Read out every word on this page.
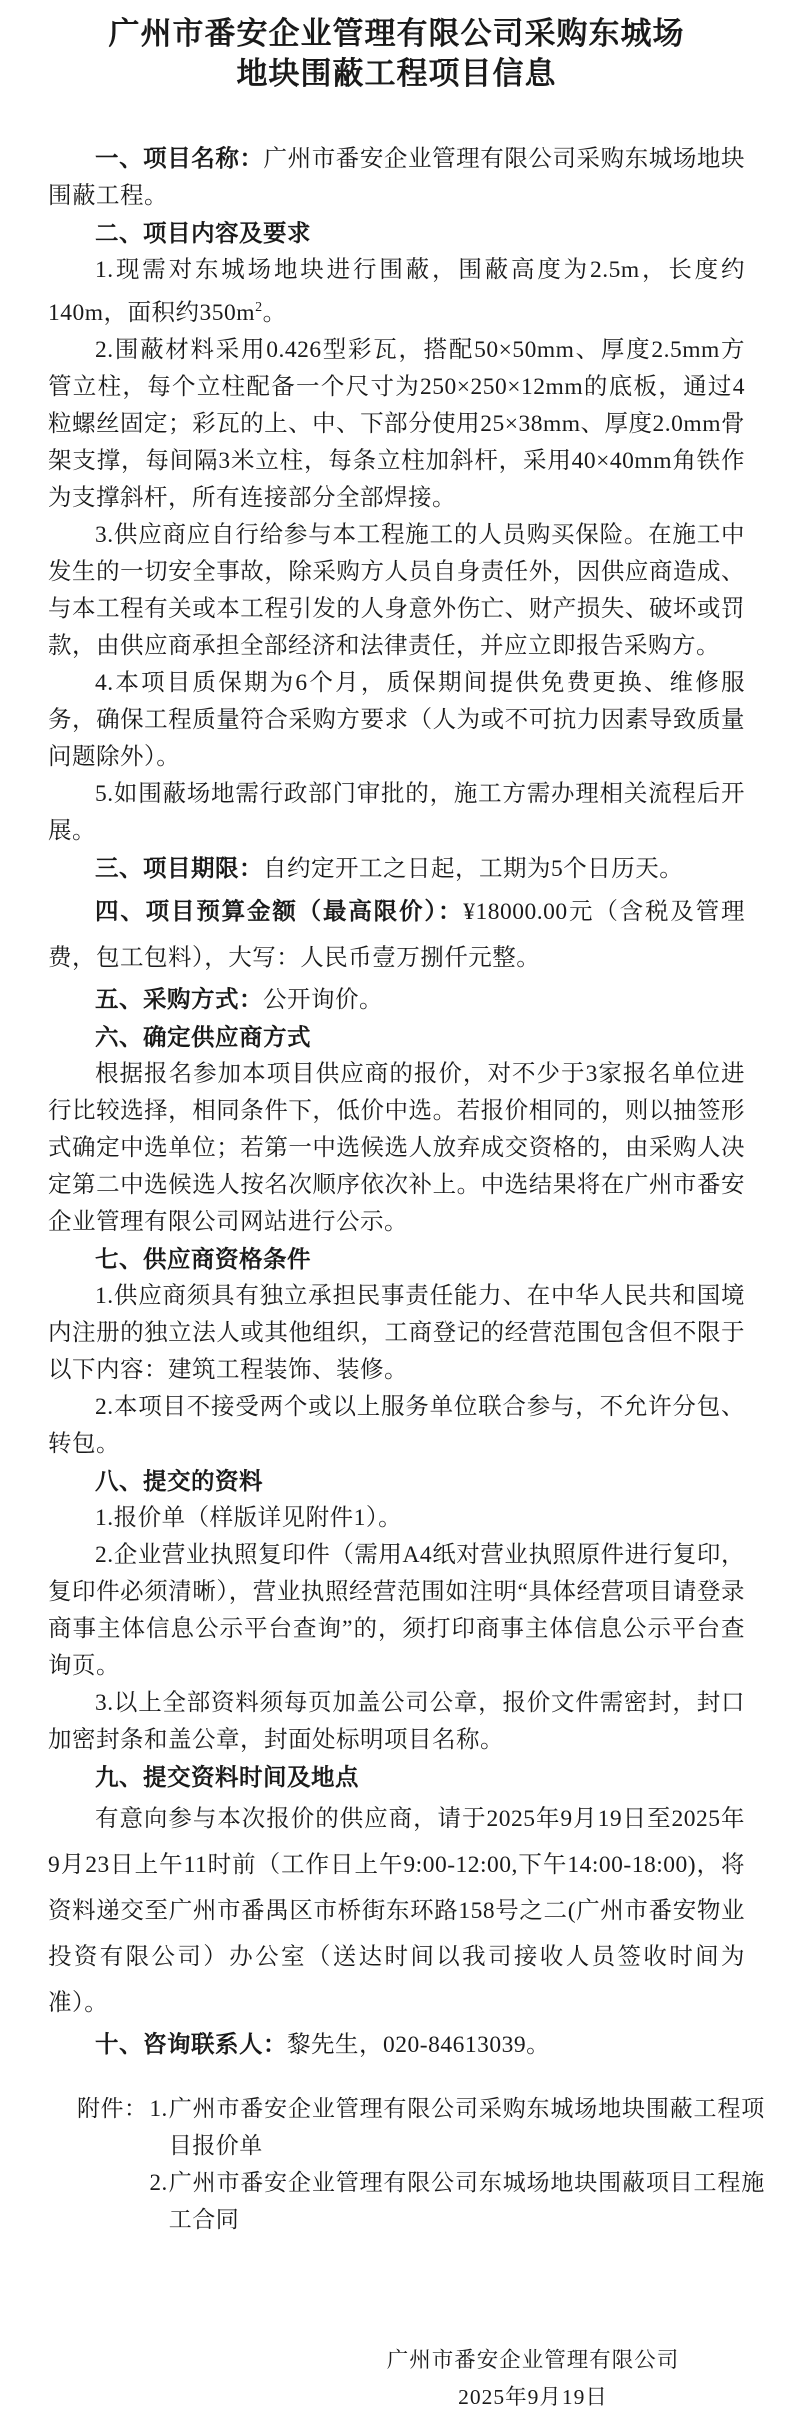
广州市番安企业管理有限公司采购东城场
地块围蔽工程项目信息

一、项目名称：广州市番安企业管理有限公司采购东城场地块围蔽工程。

二、项目内容及要求

1.现需对东城场地块进行围蔽，围蔽高度为2.5m，长度约140m，面积约$350m^2$。

2.围蔽材料采用0.426型彩瓦，搭配50×50mm、厚度2.5mm方管立柱，每个立柱配备一个尺寸为250×250×12mm的底板，通过4粒螺丝固定；彩瓦的上、中、下部分使用25×38mm、厚度2.0mm骨架支撑，每间隔3米立柱，每条立柱加斜杆，采用40×40mm角铁作为支撑斜杆，所有连接部分全部焊接。

3.供应商应自行给参与本工程施工的人员购买保险。在施工中发生的一切安全事故，除采购方人员自身责任外，因供应商造成、与本工程有关或本工程引发的人身意外伤亡、财产损失、破坏或罚款，由供应商承担全部经济和法律责任，并应立即报告采购方。

4.本项目质保期为6个月，质保期间提供免费更换、维修服务，确保工程质量符合采购方要求（人为或不可抗力因素导致质量问题除外）。

5.如围蔽场地需行政部门审批的，施工方需办理相关流程后开展。

三、项目期限：自约定开工之日起，工期为5个日历天。

四、项目预算金额（最高限价）：¥18000.00元（含税及管理费，包工包料），大写：人民币壹万捌仟元整。

五、采购方式：公开询价。

六、确定供应商方式

根据报名参加本项目供应商的报价，对不少于3家报名单位进行比较选择，相同条件下，低价中选。若报价相同的，则以抽签形式确定中选单位；若第一中选候选人放弃成交资格的，由采购人决定第二中选候选人按名次顺序依次补上。中选结果将在广州市番安企业管理有限公司网站进行公示。

七、供应商资格条件

1.供应商须具有独立承担民事责任能力、在中华人民共和国境内注册的独立法人或其他组织，工商登记的经营范围包含但不限于以下内容：建筑工程装饰、装修。

2.本项目不接受两个或以上服务单位联合参与，不允许分包、转包。

八、提交的资料

1.报价单（样版详见附件1）。

2.企业营业执照复印件（需用A4纸对营业执照原件进行复印，复印件必须清晰），营业执照经营范围如注明“具体经营项目请登录商事主体信息公示平台查询”的，须打印商事主体信息公示平台查询页。

3.以上全部资料须每页加盖公司公章，报价文件需密封，封口加密封条和盖公章，封面处标明项目名称。

九、提交资料时间及地点

有意向参与本次报价的供应商，请于2025年9月19日至2025年9月23日上午11时前（工作日上午9:00-12:00,下午14:00-18:00)，将资料递交至广州市番禺区市桥街东环路158号之二(广州市番安物业投资有限公司）办公室（送达时间以我司接收人员签收时间为准）。

十、咨询联系人：黎先生，020-84613039。

附件： 1. 广州市番安企业管理有限公司采购东城场地块围蔽工程项目报价单
2. 广州市番安企业管理有限公司东城场地块围蔽项目工程施工合同
广州市番安企业管理有限公司
2025年9月19日
